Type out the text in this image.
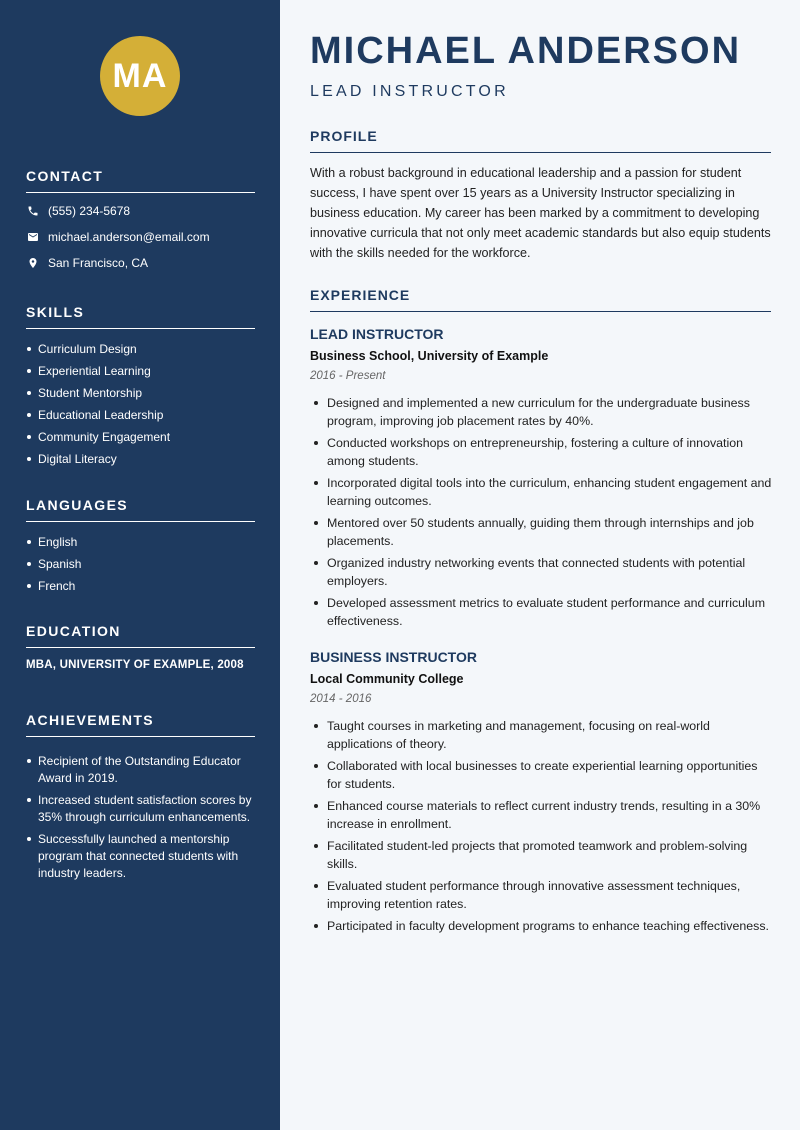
MA
CONTACT
(555) 234-5678
michael.anderson@email.com
San Francisco, CA
SKILLS
Curriculum Design
Experiential Learning
Student Mentorship
Educational Leadership
Community Engagement
Digital Literacy
LANGUAGES
English
Spanish
French
EDUCATION
MBA, UNIVERSITY OF EXAMPLE, 2008
ACHIEVEMENTS
Recipient of the Outstanding Educator Award in 2019.
Increased student satisfaction scores by 35% through curriculum enhancements.
Successfully launched a mentorship program that connected students with industry leaders.
MICHAEL ANDERSON
LEAD INSTRUCTOR
PROFILE
With a robust background in educational leadership and a passion for student success, I have spent over 15 years as a University Instructor specializing in business education. My career has been marked by a commitment to developing innovative curricula that not only meet academic standards but also equip students with the skills needed for the workforce.
EXPERIENCE
LEAD INSTRUCTOR
Business School, University of Example
2016 - Present
Designed and implemented a new curriculum for the undergraduate business program, improving job placement rates by 40%.
Conducted workshops on entrepreneurship, fostering a culture of innovation among students.
Incorporated digital tools into the curriculum, enhancing student engagement and learning outcomes.
Mentored over 50 students annually, guiding them through internships and job placements.
Organized industry networking events that connected students with potential employers.
Developed assessment metrics to evaluate student performance and curriculum effectiveness.
BUSINESS INSTRUCTOR
Local Community College
2014 - 2016
Taught courses in marketing and management, focusing on real-world applications of theory.
Collaborated with local businesses to create experiential learning opportunities for students.
Enhanced course materials to reflect current industry trends, resulting in a 30% increase in enrollment.
Facilitated student-led projects that promoted teamwork and problem-solving skills.
Evaluated student performance through innovative assessment techniques, improving retention rates.
Participated in faculty development programs to enhance teaching effectiveness.
